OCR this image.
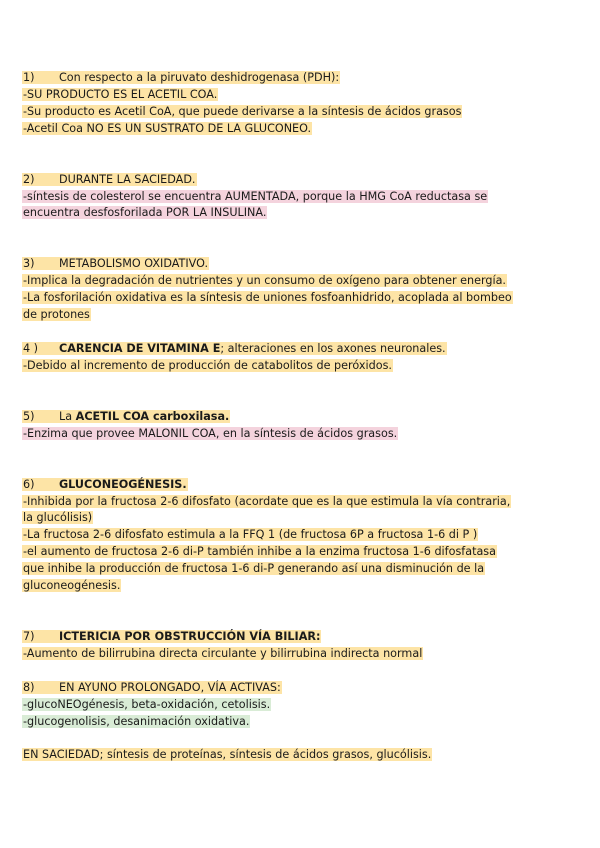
1) Con respecto a la piruvato deshidrogenasa (PDH):
-SU PRODUCTO ES EL ACETIL COA.
-Su producto es Acetil CoA, que puede derivarse a la síntesis de ácidos grasos
-Acetil Coa NO ES UN SUSTRATO DE LA GLUCONEO.
2) DURANTE LA SACIEDAD.
-síntesis de colesterol se encuentra AUMENTADA, porque la HMG CoA reductasa se
encuentra desfosforilada POR LA INSULINA.
3) METABOLISMO OXIDATIVO.
-Implica la degradación de nutrientes y un consumo de oxígeno para obtener energía.
-La fosforilación oxidativa es la síntesis de uniones fosfoanhidrido, acoplada al bombeo
de protones
4 ) CARENCIA DE VITAMINA E; alteraciones en los axones neuronales.
-Debido al incremento de producción de catabolitos de peróxidos.
5) La ACETIL COA carboxilasa.
-Enzima que provee MALONIL COA, en la síntesis de ácidos grasos.
6) GLUCONEOGÉNESIS.
-Inhibida por la fructosa 2-6 difosfato (acordate que es la que estimula la vía contraria,
la glucólisis)
-La fructosa 2-6 difosfato estimula a la FFQ 1 (de fructosa 6P a fructosa 1-6 di P )
-el aumento de fructosa 2-6 di-P también inhibe a la enzima fructosa 1-6 difosfatasa
que inhibe la producción de fructosa 1-6 di-P generando así una disminución de la
gluconeogénesis.
7) ICTERICIA POR OBSTRUCCIÓN VÍA BILIAR:
-Aumento de bilirrubina directa circulante y bilirrubina indirecta normal
8) EN AYUNO PROLONGADO, VÍA ACTIVAS:
-glucoNEOgénesis, beta-oxidación, cetolisis.
-glucogenolisis, desanimación oxidativa.
EN SACIEDAD; síntesis de proteínas, síntesis de ácidos grasos, glucólisis.
